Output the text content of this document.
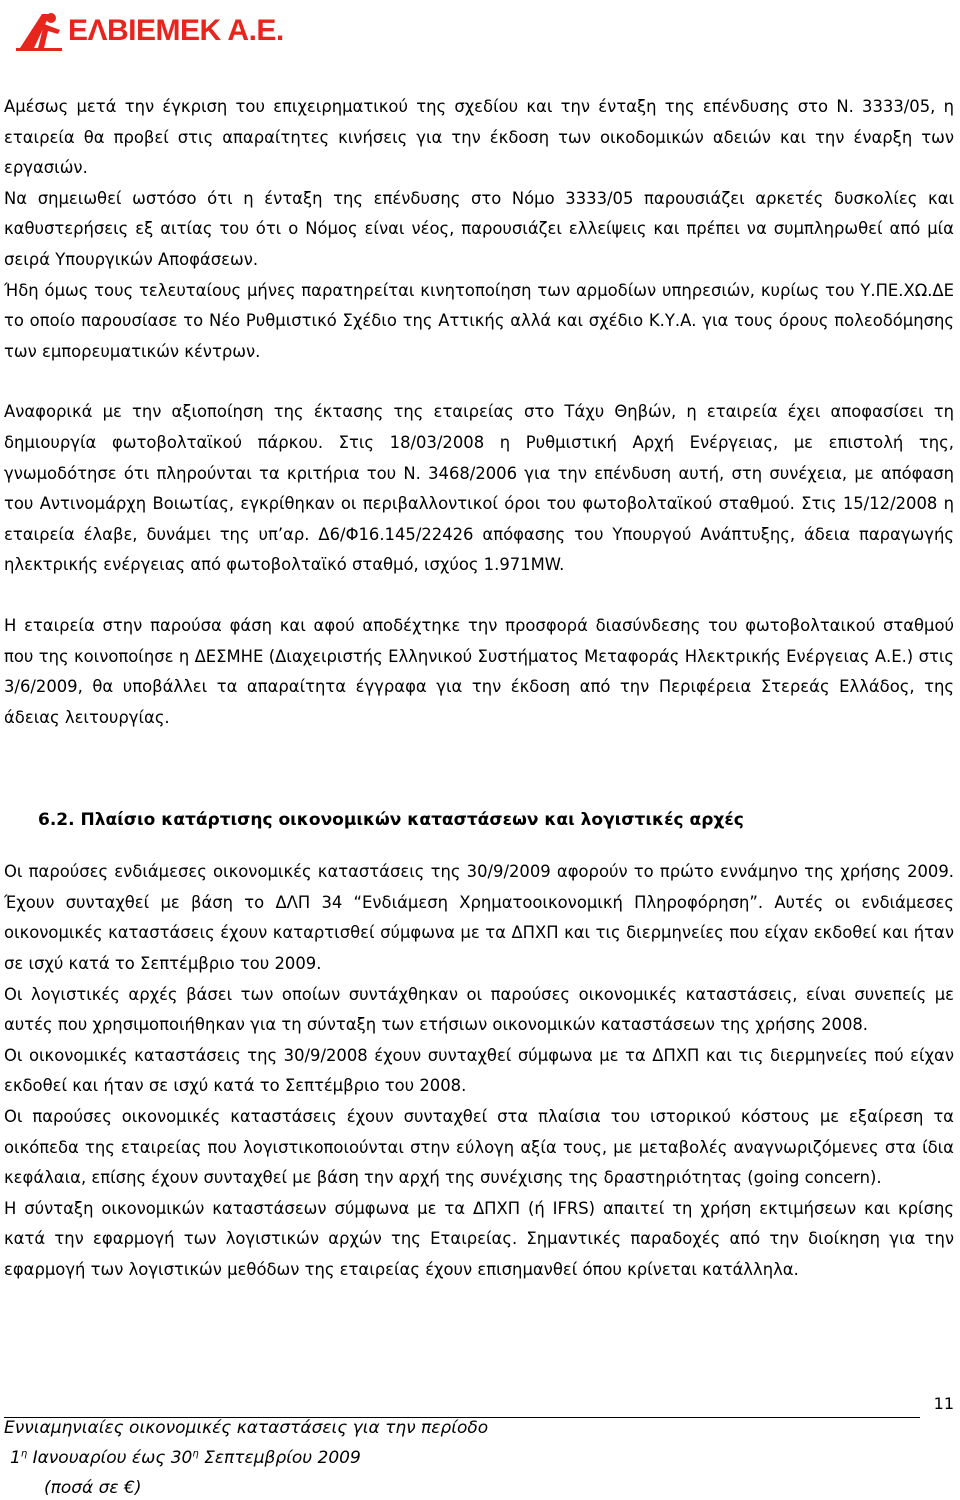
ΕΛΒΙΕΜΕΚ Α.Ε.

Αμέσως μετά την έγκριση του επιχειρηματικού της σχεδίου και την ένταξη της επένδυσης στο Ν. 3333/05, η εταιρεία θα προβεί στις απαραίτητες κινήσεις για την έκδοση των οικοδομικών αδειών και την έναρξη των εργασιών.

Να σημειωθεί ωστόσο ότι η ένταξη της επένδυσης στο Νόμο 3333/05 παρουσιάζει αρκετές δυσκολίες και καθυστερήσεις εξ αιτίας του ότι ο Νόμος είναι νέος, παρουσιάζει ελλείψεις και πρέπει να συμπληρωθεί από μία σειρά Υπουργικών Αποφάσεων.

Ήδη όμως τους τελευταίους μήνες παρατηρείται κινητοποίηση των αρμοδίων υπηρεσιών, κυρίως του Υ.ΠΕ.ΧΩ.ΔΕ το οποίο παρουσίασε το Νέο Ρυθμιστικό Σχέδιο της Αττικής αλλά και σχέδιο Κ.Υ.Α. για τους όρους πολεοδόμησης των εμπορευματικών κέντρων.

Αναφορικά με την αξιοποίηση της έκτασης της εταιρείας στο Τάχυ Θηβών, η εταιρεία έχει αποφασίσει τη δημιουργία φωτοβολταϊκού πάρκου. Στις 18/03/2008 η Ρυθμιστική Αρχή Ενέργειας, με επιστολή της, γνωμοδότησε ότι πληρούνται τα κριτήρια του Ν. 3468/2006 για την επένδυση αυτή, στη συνέχεια, με απόφαση του Αντινομάρχη Βοιωτίας, εγκρίθηκαν οι περιβαλλοντικοί όροι του φωτοβολταϊκού σταθμού. Στις 15/12/2008 η εταιρεία έλαβε, δυνάμει της υπ’αρ. Δ6/Φ16.145/22426 απόφασης του Υπουργού Ανάπτυξης, άδεια παραγωγής ηλεκτρικής ενέργειας από φωτοβολταϊκό σταθμό, ισχύος 1.971MW.

Η εταιρεία στην παρούσα φάση και αφού αποδέχτηκε την προσφορά διασύνδεσης του φωτοβολταικού σταθμού που της κοινοποίησε η ΔΕΣΜΗΕ (Διαχειριστής Ελληνικού Συστήματος Μεταφοράς Ηλεκτρικής Ενέργειας Α.Ε.) στις 3/6/2009, θα υποβάλλει τα απαραίτητα έγγραφα για την έκδοση από την Περιφέρεια Στερεάς Ελλάδος, της άδειας λειτουργίας.

6.2. Πλαίσιο κατάρτισης οικονομικών καταστάσεων και λογιστικές αρχές

Οι παρούσες ενδιάμεσες οικονομικές καταστάσεις της 30/9/2009 αφορούν το πρώτο εννάμηνο της χρήσης 2009. Έχουν συνταχθεί με βάση το ΔΛΠ 34 “Ενδιάμεση Χρηματοοικονομική Πληροφόρηση”. Αυτές οι ενδιάμεσες οικονομικές καταστάσεις έχουν καταρτισθεί σύμφωνα με τα ΔΠΧΠ και τις διερμηνείες που είχαν εκδοθεί και ήταν σε ισχύ κατά το Σεπτέμβριο του 2009.

Οι λογιστικές αρχές βάσει των οποίων συντάχθηκαν οι παρούσες οικονομικές καταστάσεις, είναι συνεπείς με αυτές που χρησιμοποιήθηκαν για τη σύνταξη των ετήσιων οικονομικών καταστάσεων της χρήσης 2008.

Οι οικονομικές καταστάσεις της 30/9/2008 έχουν συνταχθεί σύμφωνα με τα ΔΠΧΠ και τις διερμηνείες πού είχαν εκδοθεί και ήταν σε ισχύ κατά το Σεπτέμβριο του 2008.

Οι παρούσες οικονομικές καταστάσεις έχουν συνταχθεί στα πλαίσια του ιστορικού κόστους με εξαίρεση τα οικόπεδα της εταιρείας που λογιστικοποιούνται στην εύλογη αξία τους, με μεταβολές αναγνωριζόμενες στα ίδια κεφάλαια, επίσης έχουν συνταχθεί με βάση την αρχή της συνέχισης της δραστηριότητας (going concern).

Η σύνταξη οικονομικών καταστάσεων σύμφωνα με τα ΔΠΧΠ (ή IFRS) απαιτεί τη χρήση εκτιμήσεων και κρίσης κατά την εφαρμογή των λογιστικών αρχών της Εταιρείας. Σημαντικές παραδοχές από την διοίκηση για την εφαρμογή των λογιστικών μεθόδων της εταιρείας έχουν επισημανθεί όπου κρίνεται κατάλληλα.

11
Εννιαμηνιαίες οικονομικές καταστάσεις για την περίοδο
$1^\eta$ Ιανουαρίου έως $30^\eta$ Σεπτεμβρίου 2009
(ποσά σε €)
